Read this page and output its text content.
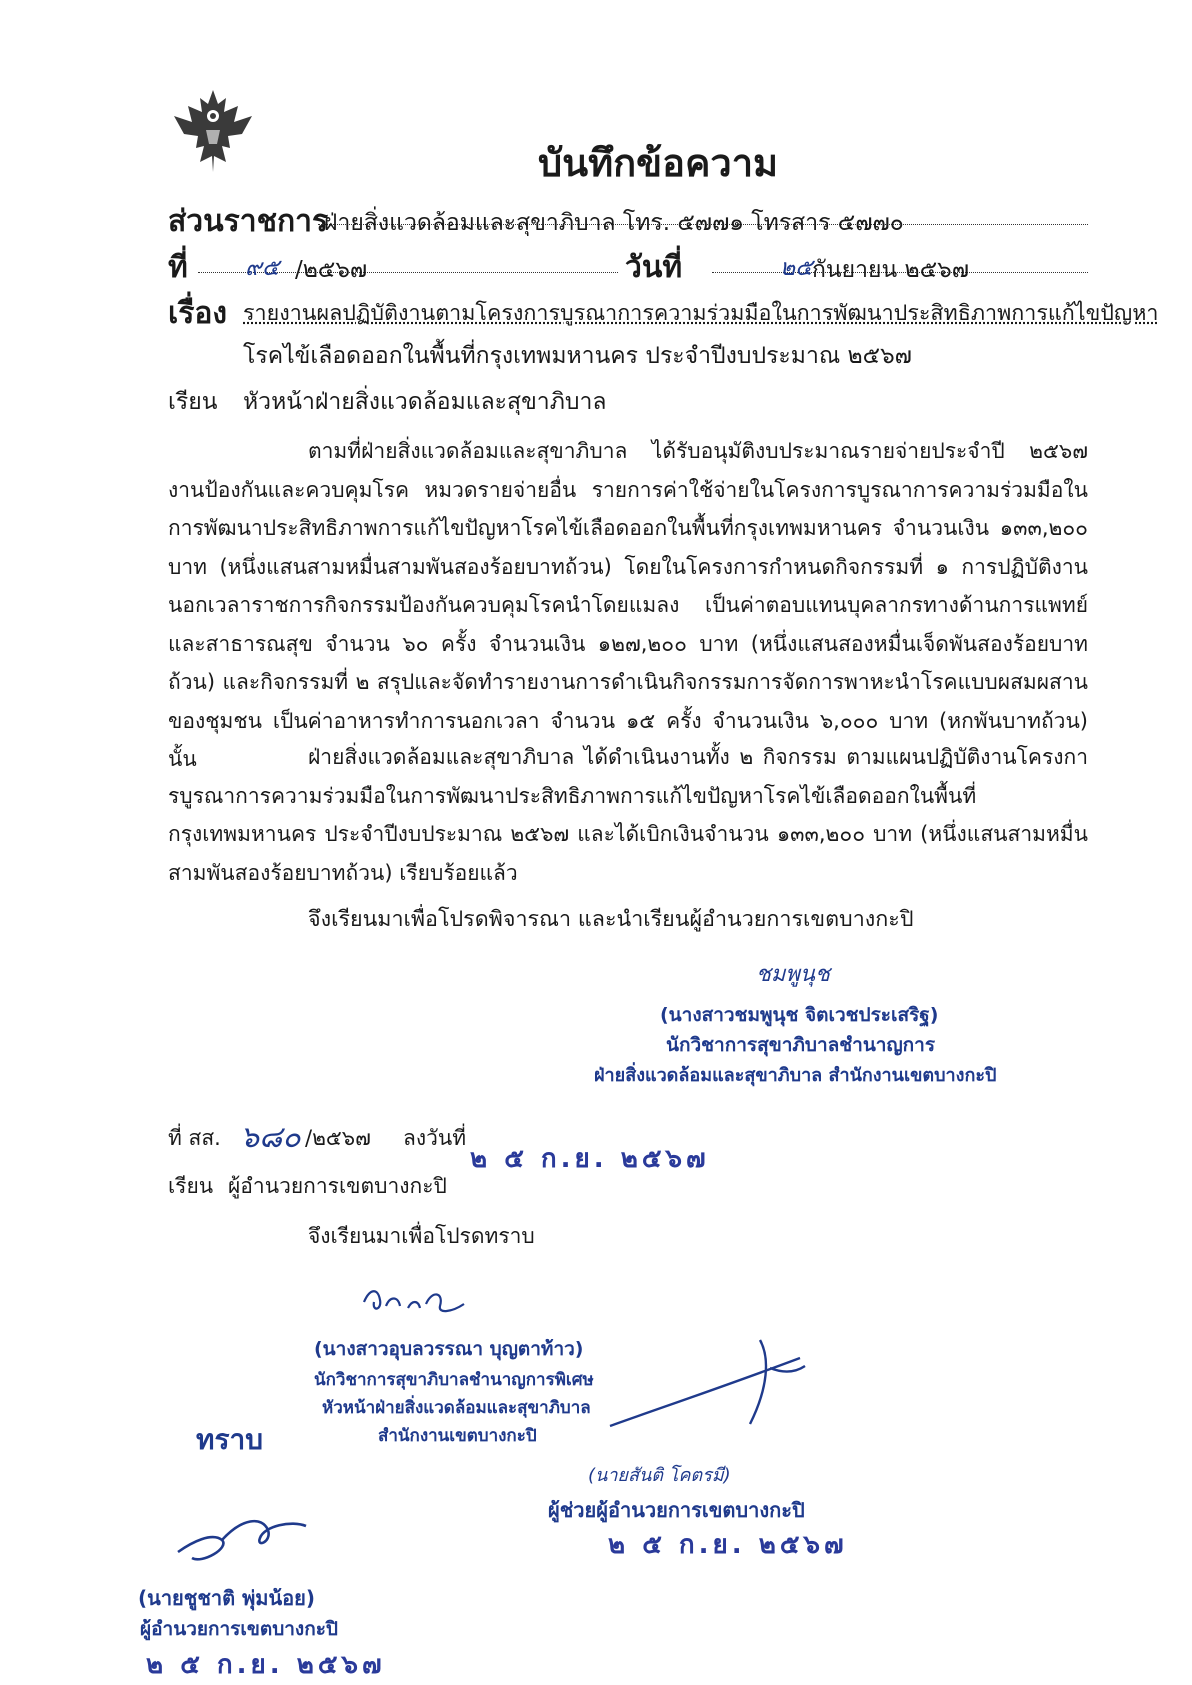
บันทึกข้อความ
ส่วนราชการ
ฝ่ายสิ่งแวดล้อมและสุขาภิบาล โทร. ๕๗๗๑ โทรสาร ๕๗๗๐
ที่ ๙๕ /๒๕๖๗	วันที่	๒๕ กันยายน ๒๕๖๗
เรื่อง รายงานผลปฏิบัติงานตามโครงการบูรณาการความร่วมมือในการพัฒนาประสิทธิภาพการแก้ไขปัญหา
โรคไข้เลือดออกในพื้นที่กรุงเทพมหานคร ประจำปีงบประมาณ ๒๕๖๗
เรียน หัวหน้าฝ่ายสิ่งแวดล้อมและสุขาภิบาล
ตามที่ฝ่ายสิ่งแวดล้อมและสุขาภิบาล ได้รับอนุมัติงบประมาณรายจ่ายประจำปี ๒๕๖๗ งานป้องกันและควบคุมโรค หมวดรายจ่ายอื่น รายการค่าใช้จ่ายในโครงการบูรณาการความร่วมมือในการพัฒนาประสิทธิภาพการแก้ไขปัญหาโรคไข้เลือดออกในพื้นที่กรุงเทพมหานคร จำนวนเงิน ๑๓๓,๒๐๐ บาท (หนึ่งแสนสามหมื่นสามพันสองร้อยบาทถ้วน) โดยในโครงการกำหนดกิจกรรมที่ ๑ การปฏิบัติงานนอกเวลาราชการกิจกรรมป้องกันควบคุมโรคนำโดยแมลง เป็นค่าตอบแทนบุคลากรทางด้านการแพทย์และสาธารณสุข จำนวน ๖๐ ครั้ง จำนวนเงิน ๑๒๗,๒๐๐ บาท (หนึ่งแสนสองหมื่นเจ็ดพันสองร้อยบาทถ้วน) และกิจกรรมที่ ๒ สรุปและจัดทำรายงานการดำเนินกิจกรรมการจัดการพาหะนำโรคแบบผสมผสานของชุมชน เป็นค่าอาหารทำการนอกเวลา จำนวน ๑๕ ครั้ง จำนวนเงิน ๖,๐๐๐ บาท (หกพันบาทถ้วน) นั้น	ฝ่ายสิ่งแวดล้อมและสุขาภิบาล ได้ดำเนินงานทั้ง ๒ กิจกรรม ตามแผนปฏิบัติงานโครงการบูรณาการความร่วมมือในการพัฒนาประสิทธิภาพการแก้ไขปัญหาโรคไข้เลือดออกในพื้นที่กรุงเทพมหานคร ประจำปีงบประมาณ ๒๕๖๗ และได้เบิกเงินจำนวน ๑๓๓,๒๐๐ บาท (หนึ่งแสนสามหมื่นสามพันสองร้อยบาทถ้วน) เรียบร้อยแล้ว
จึงเรียนมาเพื่อโปรดพิจารณา และนำเรียนผู้อำนวยการเขตบางกะปิ
ชมพูนุช
(นางสาวชมพูนุช จิตเวชประเสริฐ)
นักวิชาการสุขาภิบาลชำนาญการ
ฝ่ายสิ่งแวดล้อมและสุขาภิบาล สำนักงานเขตบางกะปิ
ที่ สส. ๖๘๐ /๒๕๖๗ ลงวันที่
๒ ๕ ก.ย. ๒๕๖๗
เรียน ผู้อำนวยการเขตบางกะปิ
จึงเรียนมาเพื่อโปรดทราบ
(นางสาวอุบลวรรณา บุญตาท้าว)
นักวิชาการสุขาภิบาลชำนาญการพิเศษ
หัวหน้าฝ่ายสิ่งแวดล้อมและสุขาภิบาล
สำนักงานเขตบางกะปิ
(นายสันติ โคตรมี)
ผู้ช่วยผู้อำนวยการเขตบางกะปิ
๒ ๕ ก.ย. ๒๕๖๗
ทราบ
(นายชูชาติ พุ่มน้อย)
ผู้อำนวยการเขตบางกะปิ
๒ ๕ ก.ย. ๒๕๖๗
